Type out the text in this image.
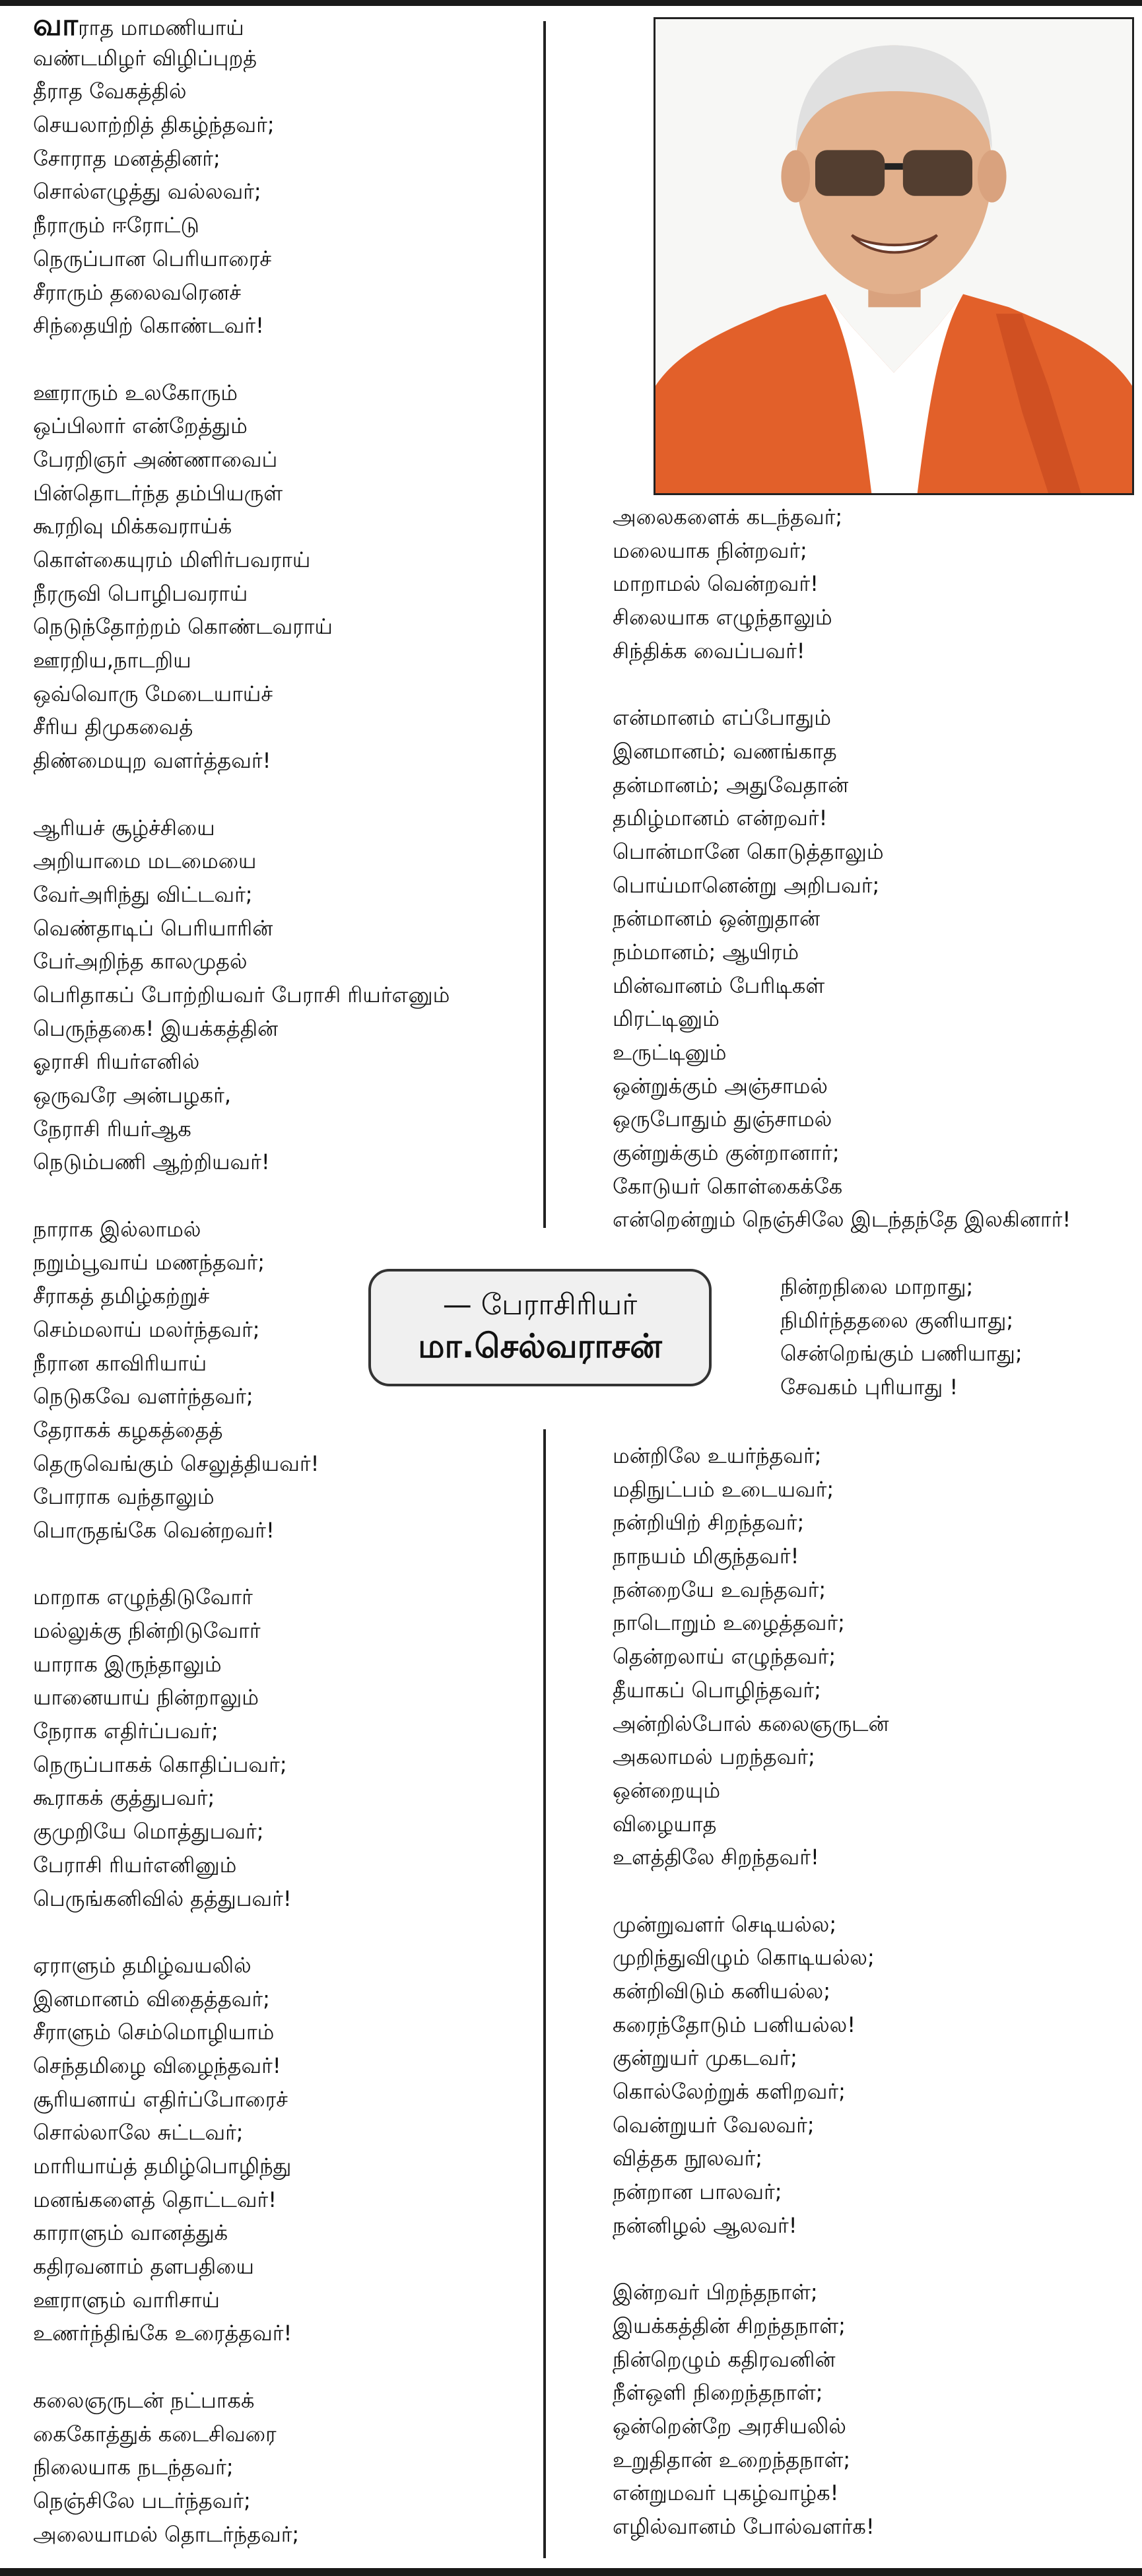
வாராத மாமணியாய்
வண்டமிழர் விழிப்புறத்
தீராத வேகத்தில்
செயலாற்றித் திகழ்ந்தவர்;
சோராத மனத்தினர்;
சொல்எழுத்து வல்லவர்;
நீராரும் ஈரோட்டு
நெருப்பான பெரியாரைச்
சீராரும் தலைவரெனச்
சிந்தையிற் கொண்டவர்!
ஊராரும் உலகோரும்
ஒப்பிலார் என்றேத்தும்
பேரறிஞர் அண்ணாவைப்
பின்தொடர்ந்த தம்பியருள்
கூரறிவு மிக்கவராய்க்
கொள்கையுரம் மிளிர்பவராய்
நீரருவி பொழிபவராய்
நெடுந்தோற்றம் கொண்டவராய்
ஊரறிய,நாடறிய
ஒவ்வொரு மேடையாய்ச்
சீரிய திமுகவைத்
திண்மையுற வளர்த்தவர்!
ஆரியச் சூழ்ச்சியை
அறியாமை மடமையை
வேர்அரிந்து விட்டவர்;
வெண்தாடிப் பெரியாரின்
பேர்அறிந்த காலமுதல்
பெரிதாகப் போற்றியவர் பேராசி ரியர்எனும்
பெருந்தகை! இயக்கத்தின்
ஓராசி ரியர்எனில்
ஒருவரே அன்பழகர்,
நேராசி ரியர்ஆக
நெடும்பணி ஆற்றியவர்!
நாராக இல்லாமல்
நறும்பூவாய் மணந்தவர்;
சீராகத் தமிழ்கற்றுச்
செம்மலாய் மலர்ந்தவர்;
நீரான காவிரியாய்
நெடுகவே வளர்ந்தவர்;
தேராகக் கழகத்தைத்
தெருவெங்கும் செலுத்தியவர்!
போராக வந்தாலும்
பொருதங்கே வென்றவர்!
மாறாக எழுந்திடுவோர்
மல்லுக்கு நின்றிடுவோர்
யாராக இருந்தாலும்
யானையாய் நின்றாலும்
நேராக எதிர்ப்பவர்;
நெருப்பாகக் கொதிப்பவர்;
கூராகக் குத்துபவர்;
குமுறியே மொத்துபவர்;
பேராசி ரியர்எனினும்
பெருங்கனிவில் தத்துபவர்!
ஏராளும் தமிழ்வயலில்
இனமானம் விதைத்தவர்;
சீராளும் செம்மொழியாம்
செந்தமிழை விழைந்தவர்!
சூரியனாய் எதிர்ப்போரைச்
சொல்லாலே சுட்டவர்;
மாரியாய்த் தமிழ்பொழிந்து
மனங்களைத் தொட்டவர்!
காராளும் வானத்துக்
கதிரவனாம் தளபதியை
ஊராளும் வாரிசாய்
உணர்ந்திங்கே உரைத்தவர்!
கலைஞருடன் நட்பாகக்
கைகோத்துக் கடைசிவரை
நிலையாக நடந்தவர்;
நெஞ்சிலே படர்ந்தவர்;
அலையாமல் தொடர்ந்தவர்;
அலைகளைக் கடந்தவர்;
மலையாக நின்றவர்;
மாறாமல் வென்றவர்!
சிலையாக எழுந்தாலும்
சிந்திக்க வைப்பவர்!
என்மானம் எப்போதும்
இனமானம்; வணங்காத
தன்மானம்; அதுவேதான்
தமிழ்மானம் என்றவர்!
பொன்மானே கொடுத்தாலும்
பொய்மானென்று அறிபவர்;
நன்மானம் ஒன்றுதான்
நம்மானம்; ஆயிரம்
மின்வானம் பேரிடிகள்
மிரட்டினும்
உருட்டினும்
ஒன்றுக்கும் அஞ்சாமல்
ஒருபோதும் துஞ்சாமல்
குன்றுக்கும் குன்றானார்;
கோடுயர் கொள்கைக்கே
என்றென்றும் நெஞ்சிலே இடந்தந்தே இலகினார்!
— பேராசிரியர்
மா.செல்வராசன்
நின்றநிலை மாறாது;
நிமிர்ந்ததலை குனியாது;
சென்றெங்கும் பணியாது;
சேவகம் புரியாது !
மன்றிலே உயர்ந்தவர்;
மதிநுட்பம் உடையவர்;
நன்றியிற் சிறந்தவர்;
நாநயம் மிகுந்தவர்!
நன்றையே உவந்தவர்;
நாடொறும் உழைத்தவர்;
தென்றலாய் எழுந்தவர்;
தீயாகப் பொழிந்தவர்;
அன்றில்போல் கலைஞருடன்
அகலாமல் பறந்தவர்;
ஒன்றையும்
விழையாத
உளத்திலே சிறந்தவர்!
முன்றுவளர் செடியல்ல;
முறிந்துவிழும் கொடியல்ல;
கன்றிவிடும் கனியல்ல;
கரைந்தோடும் பனியல்ல!
குன்றுயர் முகடவர்;
கொல்லேற்றுக் களிறவர்;
வென்றுயர் வேலவர்;
வித்தக நூலவர்;
நன்றான பாலவர்;
நன்னிழல் ஆலவர்!
இன்றவர் பிறந்தநாள்;
இயக்கத்தின் சிறந்தநாள்;
நின்றெழும் கதிரவனின்
நீள்ஒளி நிறைந்தநாள்;
ஒன்றென்றே அரசியலில்
உறுதிதான் உறைந்தநாள்;
என்றுமவர் புகழ்வாழ்க!
எழில்வானம் போல்வளர்க!
